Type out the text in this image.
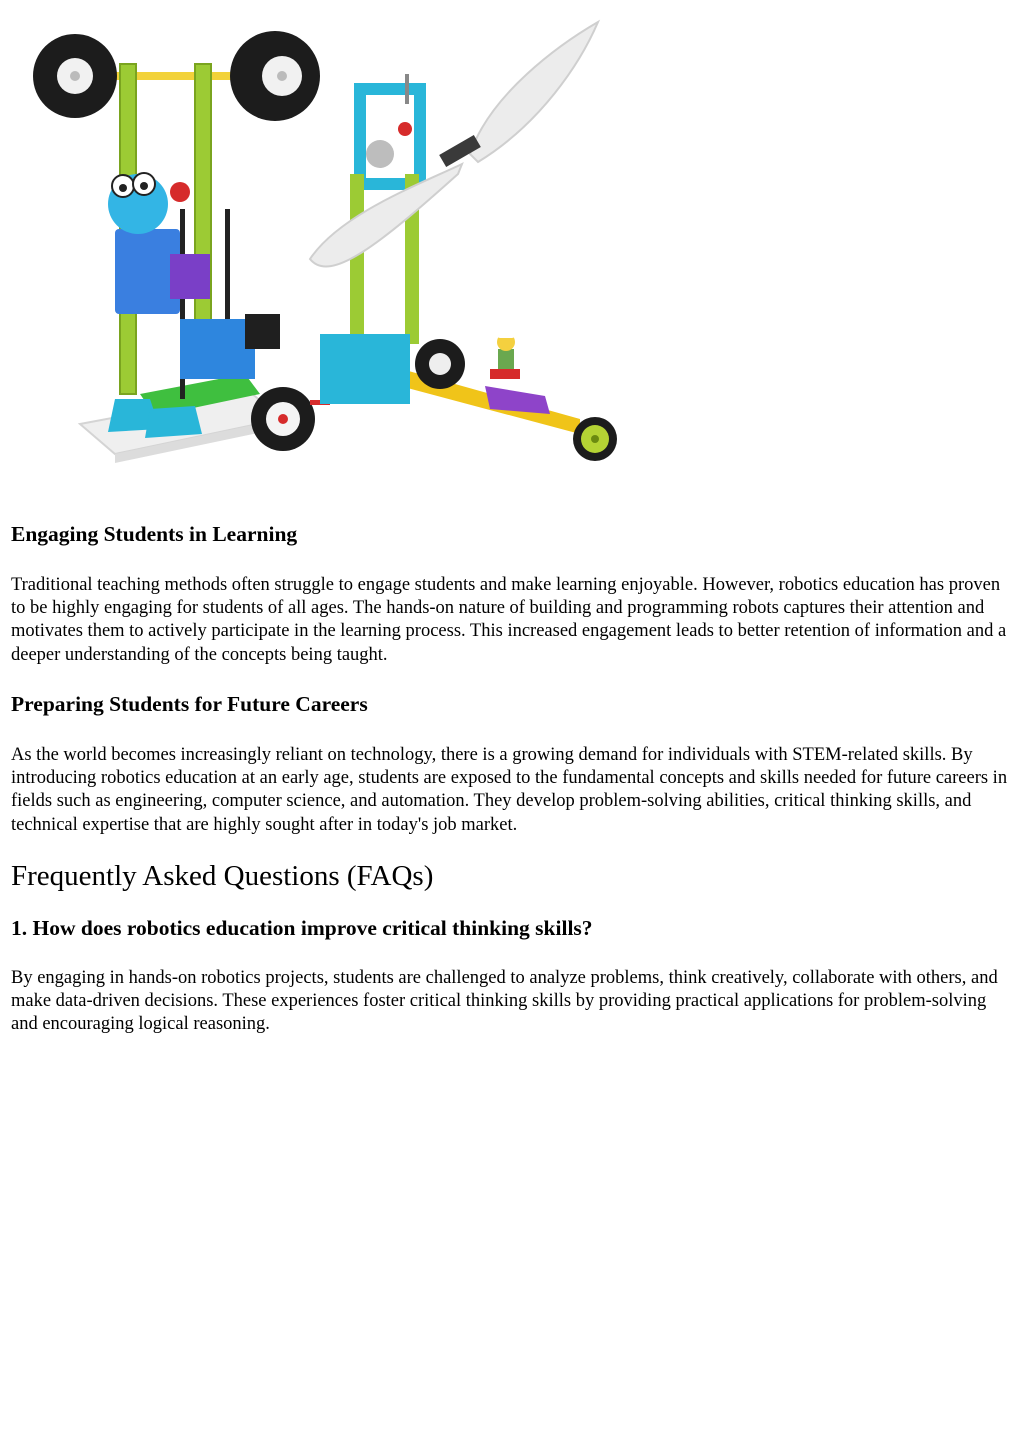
Engaging Students in Learning

Traditional teaching methods often struggle to engage students and make learning enjoyable. However, robotics education has proven to be highly engaging for students of all ages. The hands-on nature of building and programming robots captures their attention and motivates them to actively participate in the learning process. This increased engagement leads to better retention of information and a deeper understanding of the concepts being taught.

Preparing Students for Future Careers

As the world becomes increasingly reliant on technology, there is a growing demand for individuals with STEM-related skills. By introducing robotics education at an early age, students are exposed to the fundamental concepts and skills needed for future careers in fields such as engineering, computer science, and automation. They develop problem-solving abilities, critical thinking skills, and technical expertise that are highly sought after in today's job market.

Frequently Asked Questions (FAQs)
1. How does robotics education improve critical thinking skills?

By engaging in hands-on robotics projects, students are challenged to analyze problems, think creatively, collaborate with others, and make data-driven decisions. These experiences foster critical thinking skills by providing practical applications for problem-solving and encouraging logical reasoning.
